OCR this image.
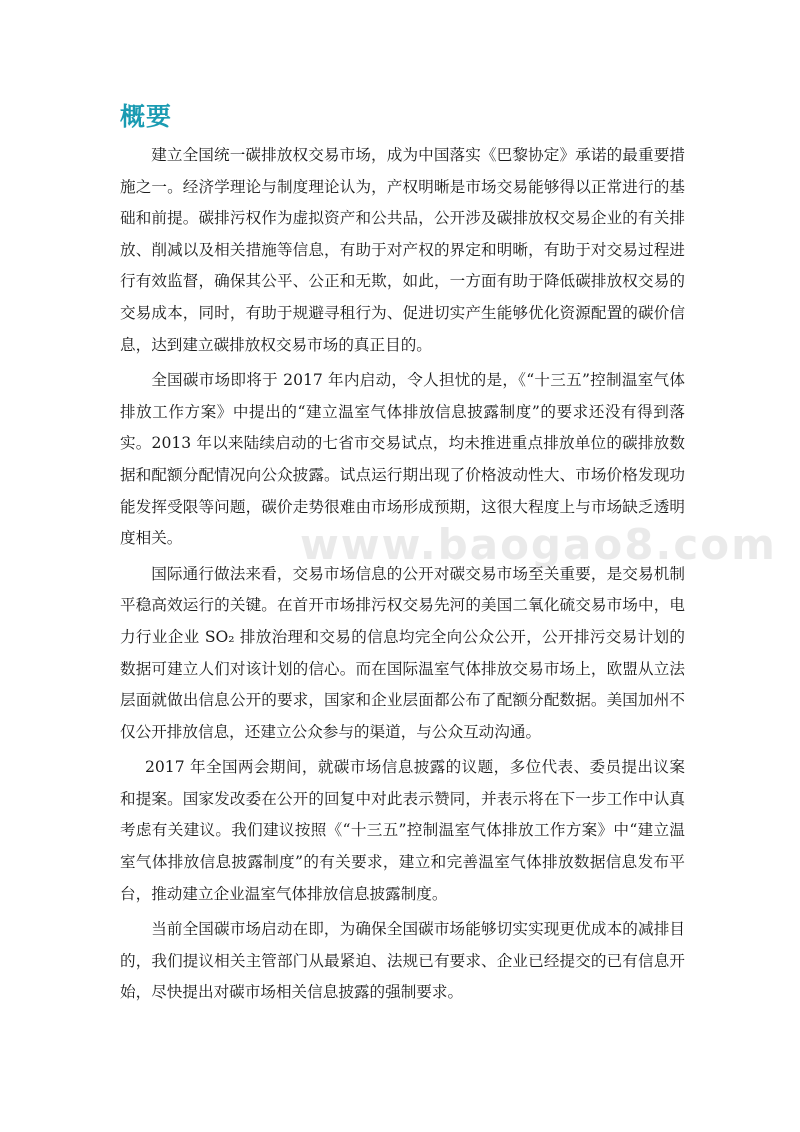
概要
www.baogao8.com

建立全国统一碳排放权交易市场，成为中国落实《巴黎协定》承诺的最重要措施之一。经济学理论与制度理论认为，产权明晰是市场交易能够得以正常进行的基础和前提。碳排污权作为虚拟资产和公共品，公开涉及碳排放权交易企业的有关排放、削减以及相关措施等信息，有助于对产权的界定和明晰，有助于对交易过程进行有效监督，确保其公平、公正和无欺，如此，一方面有助于降低碳排放权交易的交易成本，同时，有助于规避寻租行为、促进切实产生能够优化资源配置的碳价信息，达到建立碳排放权交易市场的真正目的。

全国碳市场即将于 2017 年内启动，令人担忧的是，《“十三五”控制温室气体排放工作方案》中提出的“建立温室气体排放信息披露制度”的要求还没有得到落实。2013 年以来陆续启动的七省市交易试点，均未推进重点排放单位的碳排放数据和配额分配情况向公众披露。试点运行期出现了价格波动性大、市场价格发现功能发挥受限等问题，碳价走势很难由市场形成预期，这很大程度上与市场缺乏透明度相关。

国际通行做法来看，交易市场信息的公开对碳交易市场至关重要，是交易机制平稳高效运行的关键。在首开市场排污权交易先河的美国二氧化硫交易市场中，电力行业企业 SO₂ 排放治理和交易的信息均完全向公众公开，公开排污交易计划的数据可建立人们对该计划的信心。而在国际温室气体排放交易市场上，欧盟从立法层面就做出信息公开的要求，国家和企业层面都公布了配额分配数据。美国加州不仅公开排放信息，还建立公众参与的渠道，与公众互动沟通。

2017 年全国两会期间，就碳市场信息披露的议题，多位代表、委员提出议案和提案。国家发改委在公开的回复中对此表示赞同，并表示将在下一步工作中认真考虑有关建议。我们建议按照《“十三五”控制温室气体排放工作方案》中“建立温室气体排放信息披露制度”的有关要求，建立和完善温室气体排放数据信息发布平台，推动建立企业温室气体排放信息披露制度。

当前全国碳市场启动在即，为确保全国碳市场能够切实实现更优成本的减排目的，我们提议相关主管部门从最紧迫、法规已有要求、企业已经提交的已有信息开始，尽快提出对碳市场相关信息披露的强制要求。
